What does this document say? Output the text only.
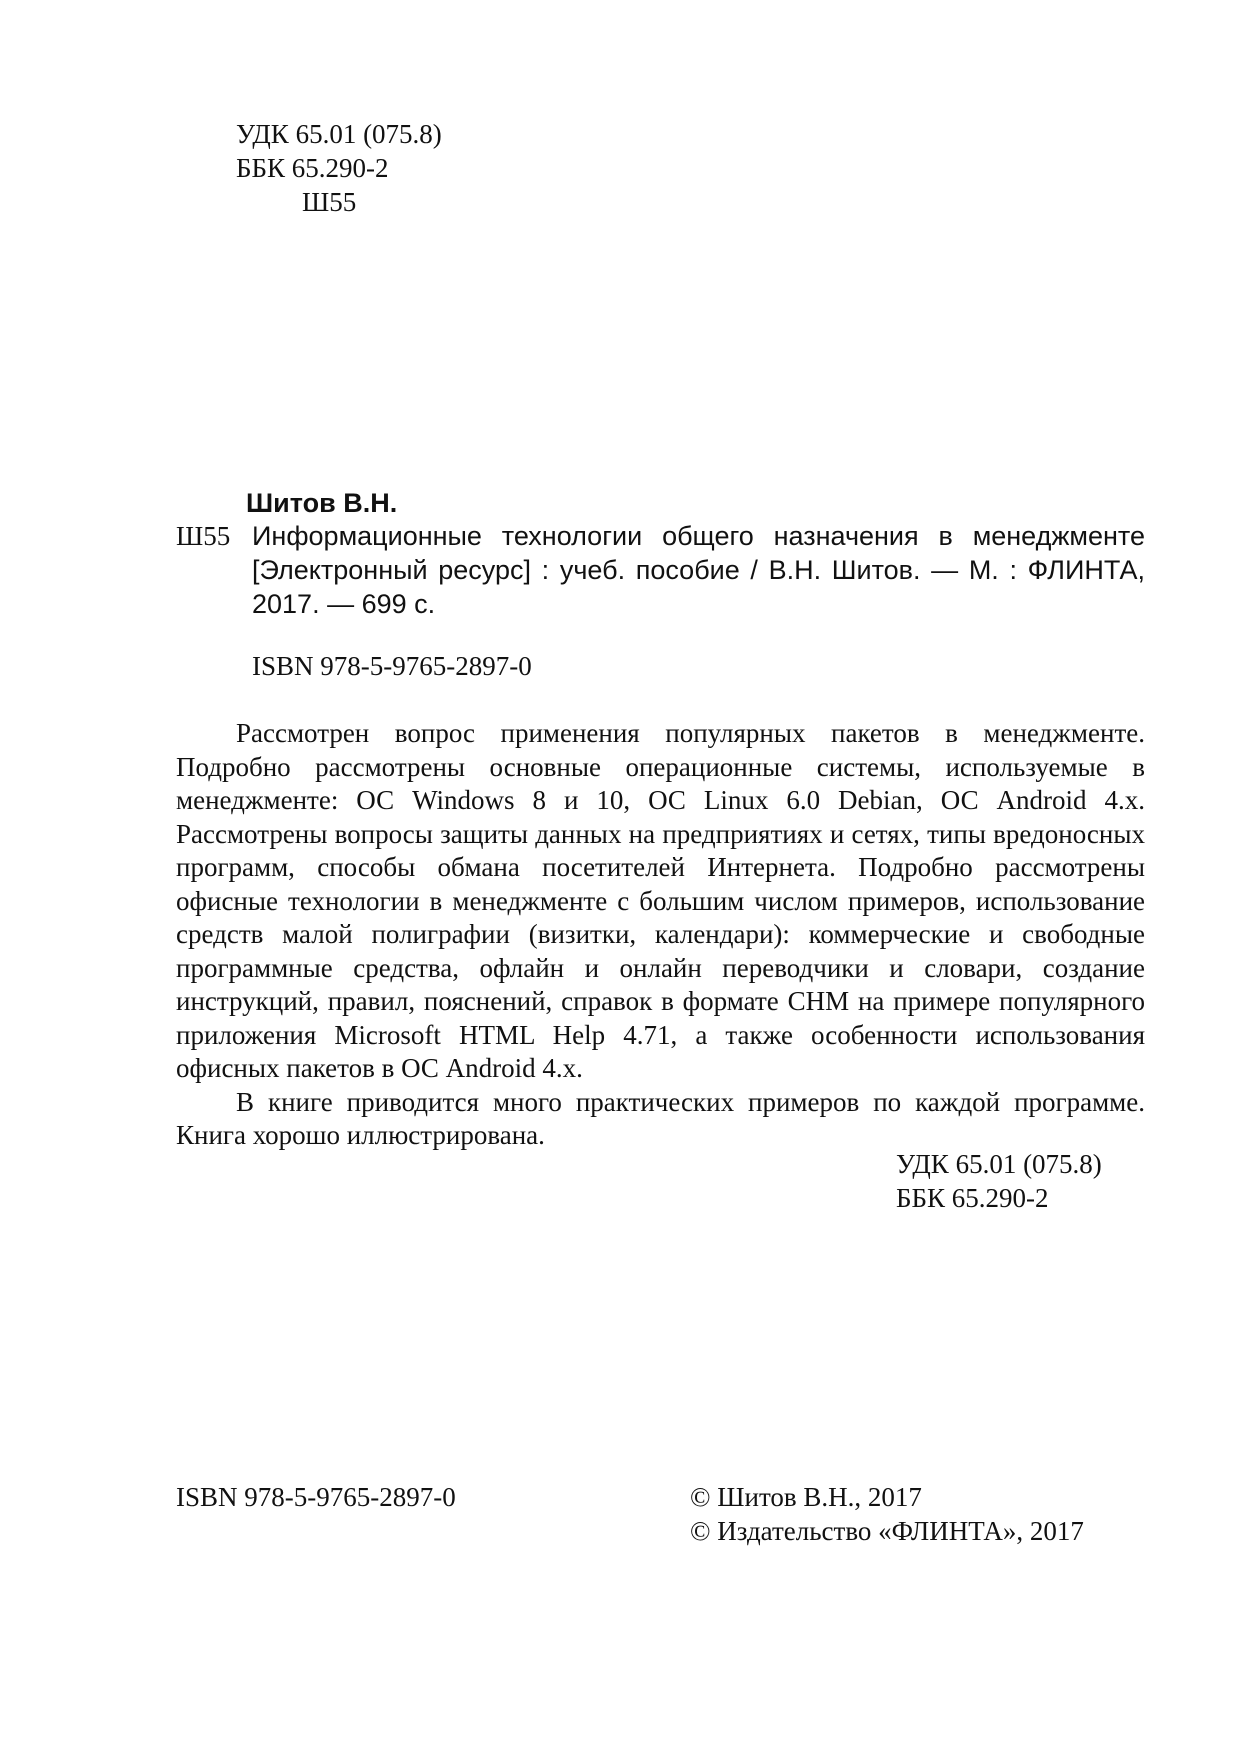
УДК 65.01 (075.8)
ББК 65.290-2
Ш55
Шитов В.Н.
Ш55 Информационные технологии общего назначения в менеджменте [Электронный ресурс] : учеб. пособие / В.Н. Шитов. — М. : ФЛИНТА, 2017. — 699 с.
ISBN 978-5-9765-2897-0

Рассмотрен вопрос применения популярных пакетов в менеджменте. Подробно рассмотрены основные операционные системы, используемые в менеджменте: ОС Windows 8 и 10, ОС Linux 6.0 Debian, ОС Android 4.x. Рассмотрены вопросы защиты данных на предприятиях и сетях, типы вредоносных программ, способы обмана посетителей Интернета. Подробно рассмотрены офисные технологии в менеджменте с большим числом примеров, использование средств малой полиграфии (визитки, календари): коммерческие и свободные программные средства, офлайн и онлайн переводчики и словари, создание инструкций, правил, пояснений, справок в формате CHM на примере популярного приложения Microsoft HTML Help 4.71, а также особенности использования офисных пакетов в ОС Android 4.x.

В книге приводится много практических примеров по каждой программе. Книга хорошо иллюстрирована.

УДК 65.01 (075.8)
ББК 65.290-2
ISBN 978-5-9765-2897-0	© Шитов В.Н., 2017
© Издательство «ФЛИНТА», 2017
